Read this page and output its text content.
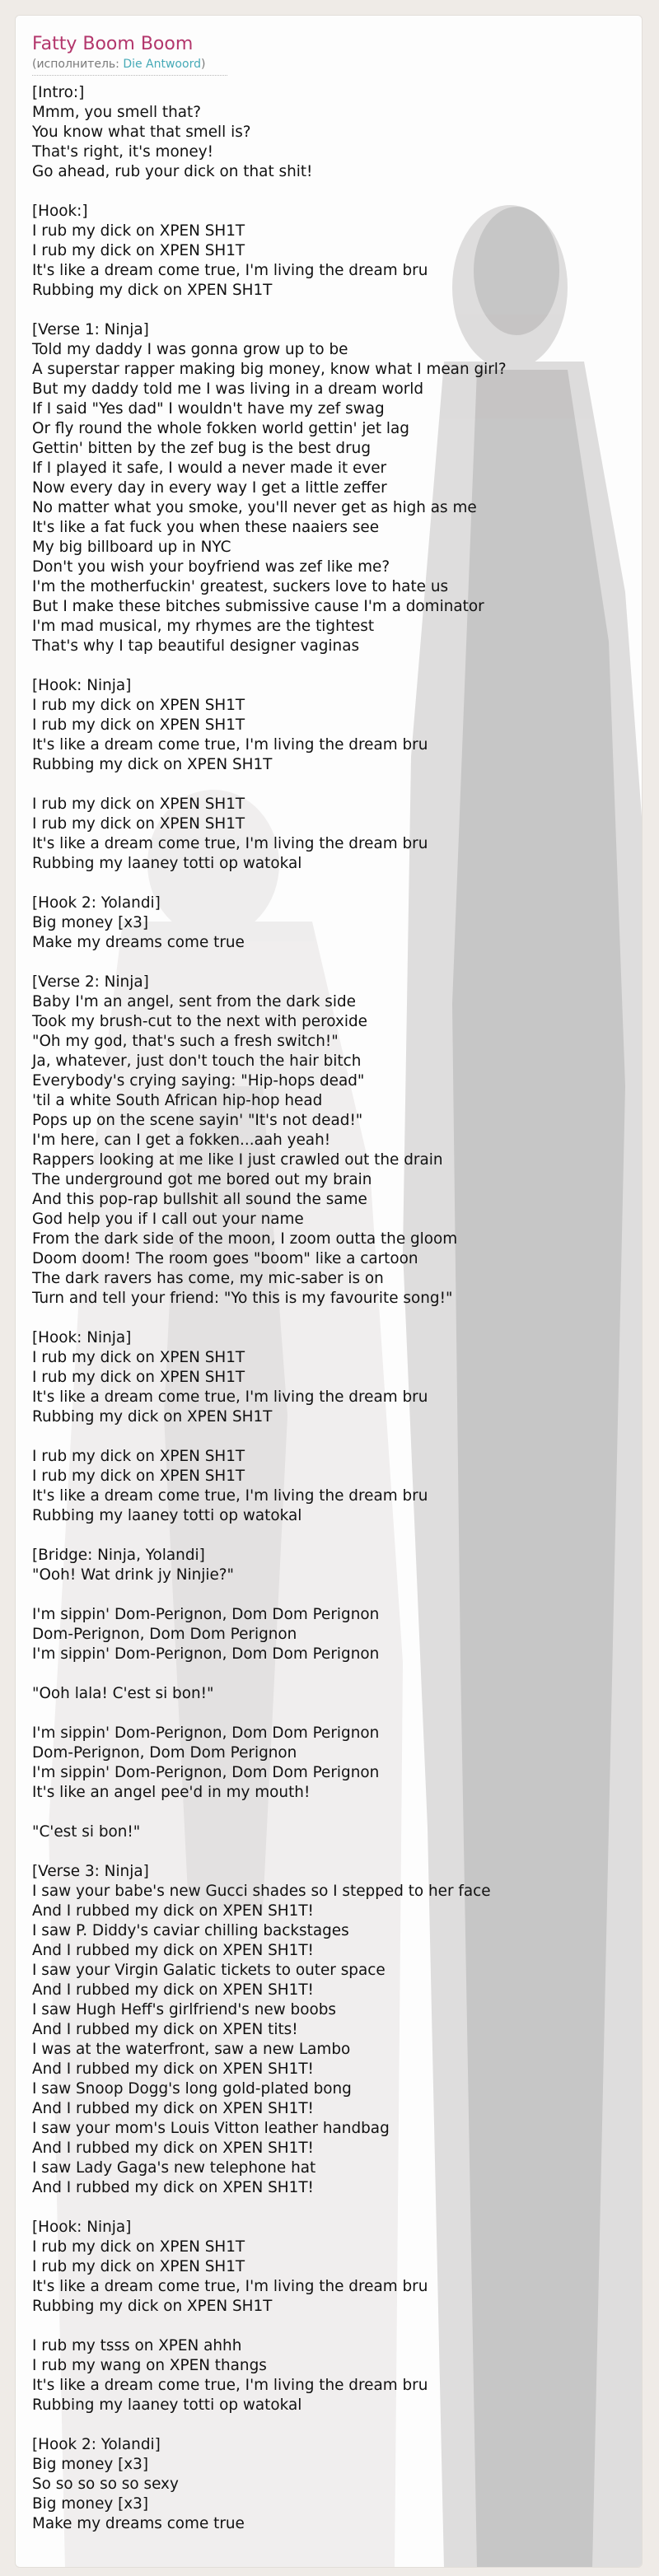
Fatty Boom Boom
(исполнитель: Die Antwoord)
[Intro:]
Mmm, you smell that?
You know what that smell is?
That's right, it's money!
Go ahead, rub your dick on that shit!
[Hook:]
I rub my dick on XPEN SH1T
I rub my dick on XPEN SH1T
It's like a dream come true, I'm living the dream bru
Rubbing my dick on XPEN SH1T
[Verse 1: Ninja]
Told my daddy I was gonna grow up to be
A superstar rapper making big money, know what I mean girl?
But my daddy told me I was living in a dream world
If I said "Yes dad" I wouldn't have my zef swag
Or fly round the whole fokken world gettin' jet lag
Gettin' bitten by the zef bug is the best drug
If I played it safe, I would a never made it ever
Now every day in every way I get a little zeffer
No matter what you smoke, you'll never get as high as me
It's like a fat fuck you when these naaiers see
My big billboard up in NYC
Don't you wish your boyfriend was zef like me?
I'm the motherfuckin' greatest, suckers love to hate us
But I make these bitches submissive cause I'm a dominator
I'm mad musical, my rhymes are the tightest
That's why I tap beautiful designer vaginas
[Hook: Ninja]
I rub my dick on XPEN SH1T
I rub my dick on XPEN SH1T
It's like a dream come true, I'm living the dream bru
Rubbing my dick on XPEN SH1T
I rub my dick on XPEN SH1T
I rub my dick on XPEN SH1T
It's like a dream come true, I'm living the dream bru
Rubbing my laaney totti op watokal
[Hook 2: Yolandi]
Big money [x3]
Make my dreams come true
[Verse 2: Ninja]
Baby I'm an angel, sent from the dark side
Took my brush-cut to the next with peroxide
"Oh my god, that's such a fresh switch!"
Ja, whatever, just don't touch the hair bitch
Everybody's crying saying: "Hip-hops dead"
'til a white South African hip-hop head
Pops up on the scene sayin' "It's not dead!"
I'm here, can I get a fokken...aah yeah!
Rappers looking at me like I just crawled out the drain
The underground got me bored out my brain
And this pop-rap bullshit all sound the same
God help you if I call out your name
From the dark side of the moon, I zoom outta the gloom
Doom doom! The room goes "boom" like a cartoon
The dark ravers has come, my mic-saber is on
Turn and tell your friend: "Yo this is my favourite song!"
[Hook: Ninja]
I rub my dick on XPEN SH1T
I rub my dick on XPEN SH1T
It's like a dream come true, I'm living the dream bru
Rubbing my dick on XPEN SH1T
I rub my dick on XPEN SH1T
I rub my dick on XPEN SH1T
It's like a dream come true, I'm living the dream bru
Rubbing my laaney totti op watokal
[Bridge: Ninja, Yolandi]
"Ooh! Wat drink jy Ninjie?"
I'm sippin' Dom-Perignon, Dom Dom Perignon
Dom-Perignon, Dom Dom Perignon
I'm sippin' Dom-Perignon, Dom Dom Perignon
"Ooh lala! C'est si bon!"
I'm sippin' Dom-Perignon, Dom Dom Perignon
Dom-Perignon, Dom Dom Perignon
I'm sippin' Dom-Perignon, Dom Dom Perignon
It's like an angel pee'd in my mouth!
"C'est si bon!"
[Verse 3: Ninja]
I saw your babe's new Gucci shades so I stepped to her face
And I rubbed my dick on XPEN SH1T!
I saw P. Diddy's caviar chilling backstages
And I rubbed my dick on XPEN SH1T!
I saw your Virgin Galatic tickets to outer space
And I rubbed my dick on XPEN SH1T!
I saw Hugh Heff's girlfriend's new boobs
And I rubbed my dick on XPEN tits!
I was at the waterfront, saw a new Lambo
And I rubbed my dick on XPEN SH1T!
I saw Snoop Dogg's long gold-plated bong
And I rubbed my dick on XPEN SH1T!
I saw your mom's Louis Vitton leather handbag
And I rubbed my dick on XPEN SH1T!
I saw Lady Gaga's new telephone hat
And I rubbed my dick on XPEN SH1T!
[Hook: Ninja]
I rub my dick on XPEN SH1T
I rub my dick on XPEN SH1T
It's like a dream come true, I'm living the dream bru
Rubbing my dick on XPEN SH1T
I rub my tsss on XPEN ahhh
I rub my wang on XPEN thangs
It's like a dream come true, I'm living the dream bru
Rubbing my laaney totti op watokal
[Hook 2: Yolandi]
Big money [x3]
So so so so so sexy
Big money [x3]
Make my dreams come true
